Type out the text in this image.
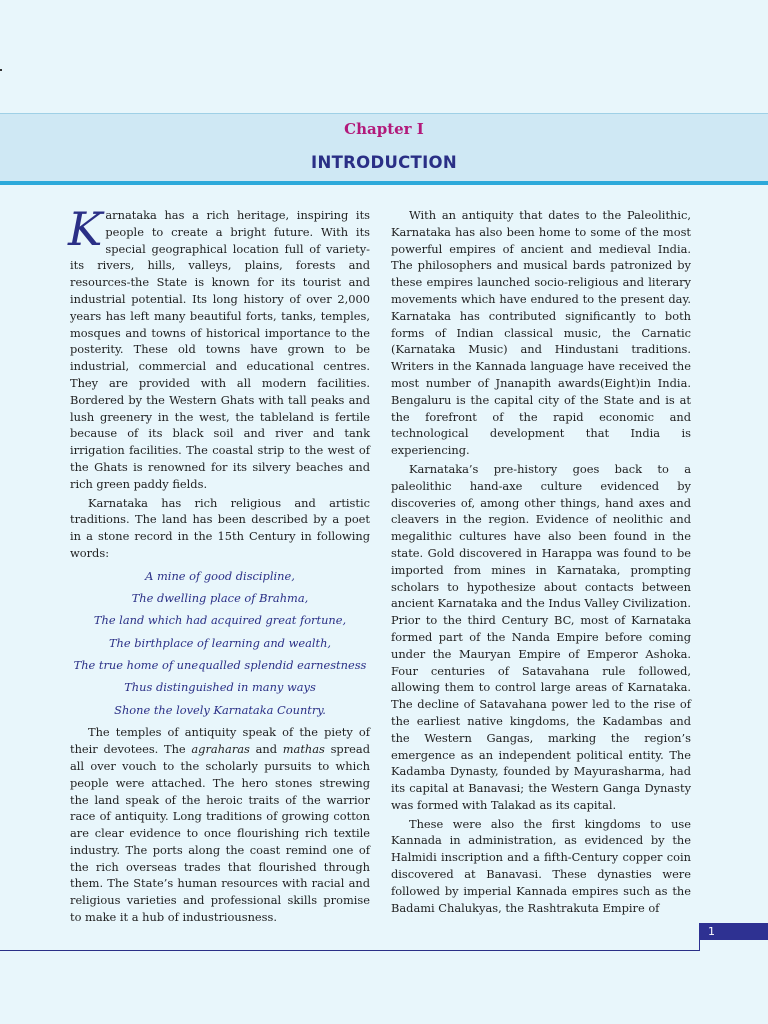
Chapter I
INTRODUCTION

Karnataka has a rich heritage, inspiring its people to create a bright future. With its special geographical location full of variety-its rivers, hills, valleys, plains, forests and resources-the State is known for its tourist and industrial potential. Its long history of over 2,000 years has left many beautiful forts, tanks, temples, mosques and towns of historical importance to the posterity. These old towns have grown to be industrial, commercial and educational centres. They are provided with all modern facilities. Bordered by the Western Ghats with tall peaks and lush greenery in the west, the tableland is fertile because of its black soil and river and tank irrigation facilities. The coastal strip to the west of the Ghats is renowned for its silvery beaches and rich green paddy fields.

Karnataka has rich religious and artistic traditions. The land has been described by a poet in a stone record in the 15th Century in following words:

A mine of good discipline,
The dwelling place of Brahma,
The land which had acquired great fortune,
The birthplace of learning and wealth,
The true home of unequalled splendid earnestness
Thus distinguished in many ways
Shone the lovely Karnataka Country.

The temples of antiquity speak of the piety of their devotees. The agraharas and mathas spread all over vouch to the scholarly pursuits to which people were attached. The hero stones strewing the land speak of the heroic traits of the warrior race of antiquity. Long traditions of growing cotton are clear evidence to once flourishing rich textile industry. The ports along the coast remind one of the rich overseas trades that flourished through them. The State’s human resources with racial and religious varieties and professional skills promise to make it a hub of industriousness.

With an antiquity that dates to the Paleolithic, Karnataka has also been home to some of the most powerful empires of ancient and medieval India. The philosophers and musical bards patronized by these empires launched socio-religious and literary movements which have endured to the present day. Karnataka has contributed significantly to both forms of Indian classical music, the Carnatic (Karnataka Music) and Hindustani traditions. Writers in the Kannada language have received the most number of Jnanapith awards(Eight)in India. Bengaluru is the capital city of the State and is at the forefront of the rapid economic and technological development that India is experiencing.

Karnataka’s pre-history goes back to a paleolithic hand-axe culture evidenced by discoveries of, among other things, hand axes and cleavers in the region. Evidence of neolithic and megalithic cultures have also been found in the state. Gold discovered in Harappa was found to be imported from mines in Karnataka, prompting scholars to hypothesize about contacts between ancient Karnataka and the Indus Valley Civilization. Prior to the third Century BC, most of Karnataka formed part of the Nanda Empire before coming under the Mauryan Empire of Emperor Ashoka. Four centuries of Satavahana rule followed, allowing them to control large areas of Karnataka. The decline of Satavahana power led to the rise of the earliest native kingdoms, the Kadambas and the Western Gangas, marking the region’s emergence as an independent political entity. The Kadamba Dynasty, founded by Mayurasharma, had its capital at Banavasi; the Western Ganga Dynasty was formed with Talakad as its capital.

These were also the first kingdoms to use Kannada in administration, as evidenced by the Halmidi inscription and a fifth-Century copper coin discovered at Banavasi. These dynasties were followed by imperial Kannada empires such as the Badami Chalukyas, the Rashtrakuta Empire of

1
